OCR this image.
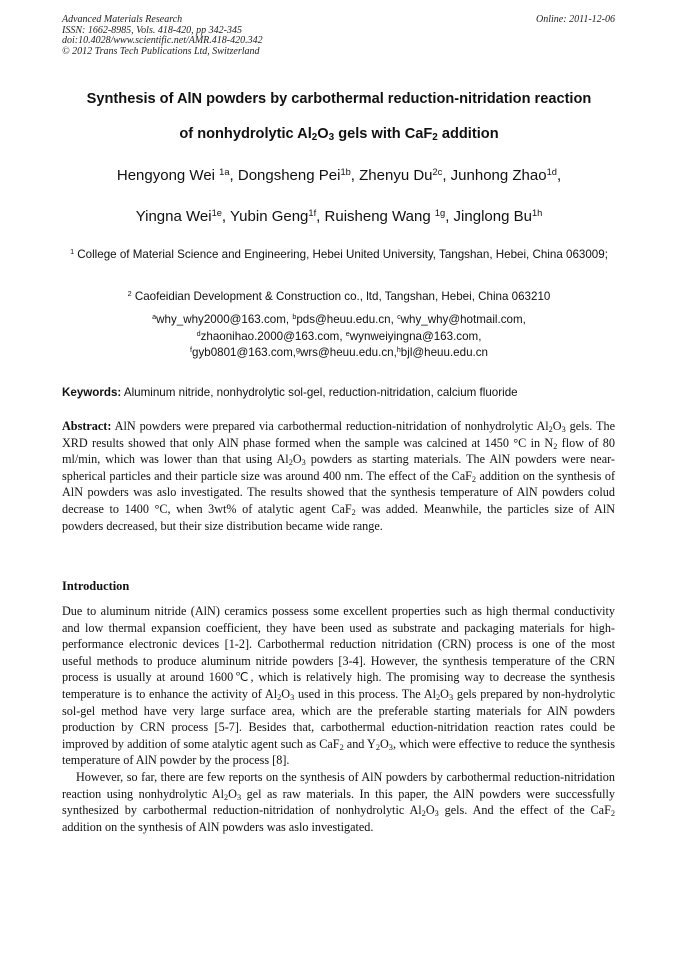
Advanced Materials Research
ISSN: 1662-8985, Vols. 418-420, pp 342-345
doi:10.4028/www.scientific.net/AMR.418-420.342
© 2012 Trans Tech Publications Ltd, Switzerland
Online: 2011-12-06
Synthesis of AlN powders by carbothermal reduction-nitridation reaction
of nonhydrolytic $Al_2O_3$ gels with CaF$_2$ addition
Hengyong Wei $^{1a}$, Dongsheng Pei$^{1b}$, Zhenyu $Du^{2c}$, Junhong Zhao$^{1d}$,
Yingna Wei$^{1e}$, Yubin Geng$^{1f}$, Ruisheng Wang $^{1g}$, Jinglong $Bu^{1h}$
$^1$ College of Material Science and Engineering, Hebei United University, Tangshan, Hebei, China 063009;
$^2$ Caofeidian Development & Construction co., ltd, Tangshan, Hebei, China 063210
$^a$why_why2000@163.com, $^b$pds@heuu.edu.cn, $^c$why_why@hotmail.com,
$^d$zhaonihao.2000@163.com, $^e$wynweiyingna@163.com,
$^f$gyb0801@163.com,$^g$wrs@heuu.edu.cn,$^h$bjl@heuu.edu.cn
Keywords: Aluminum nitride, nonhydrolytic sol-gel, reduction-nitridation, calcium fluoride
Abstract: AlN powders were prepared via carbothermal reduction-nitridation of nonhydrolytic $Al_2O_3$ gels. The XRD results showed that only AlN phase formed when the sample was calcined at 1450 °C in $N_2$ flow of 80 ml/min, which was lower than that using $Al_2O_3$ powders as starting materials. The AlN powders were near-spherical particles and their particle size was around 400 nm. The effect of the CaF$_2$ addition on the synthesis of AlN powders was aslo investigated. The results showed that the synthesis temperature of AlN powders colud decrease to 1400 °C, when 3wt% of atalytic agent CaF$_2$ was added. Meanwhile, the particles size of AlN powders decreased, but their size distribution became wide range.
Introduction

Due to aluminum nitride (AlN) ceramics possess some excellent properties such as high thermal conductivity and low thermal expansion coefficient, they have been used as substrate and packaging materials for high-performance electronic devices [1-2]. Carbothermal reduction nitridation (CRN) process is one of the most useful methods to produce aluminum nitride powders [3-4]. However, the synthesis temperature of the CRN process is usually at around 1600℃, which is relatively high. The promising way to decrease the synthesis temperature is to enhance the activity of $Al_2O_3$ used in this process. The $Al_2O_3$ gels prepared by non-hydrolytic sol-gel method have very large surface area, which are the preferable starting materials for AlN powders production by CRN process [5-7]. Besides that, carbothermal eduction-nitridation reaction rates could be improved by addition of some atalytic agent such as CaF$_2$ and $Y_2O_3$, which were effective to reduce the synthesis temperature of AlN powder by the process [8].

However, so far, there are few reports on the synthesis of AlN powders by carbothermal reduction-nitridation reaction using nonhydrolytic $Al_2O_3$ gel as raw materials. In this paper, the AlN powders were successfully synthesized by carbothermal reduction-nitridation of nonhydrolytic $Al_2O_3$ gels. And the effect of the CaF$_2$ addition on the synthesis of AlN powders was aslo investigated.
